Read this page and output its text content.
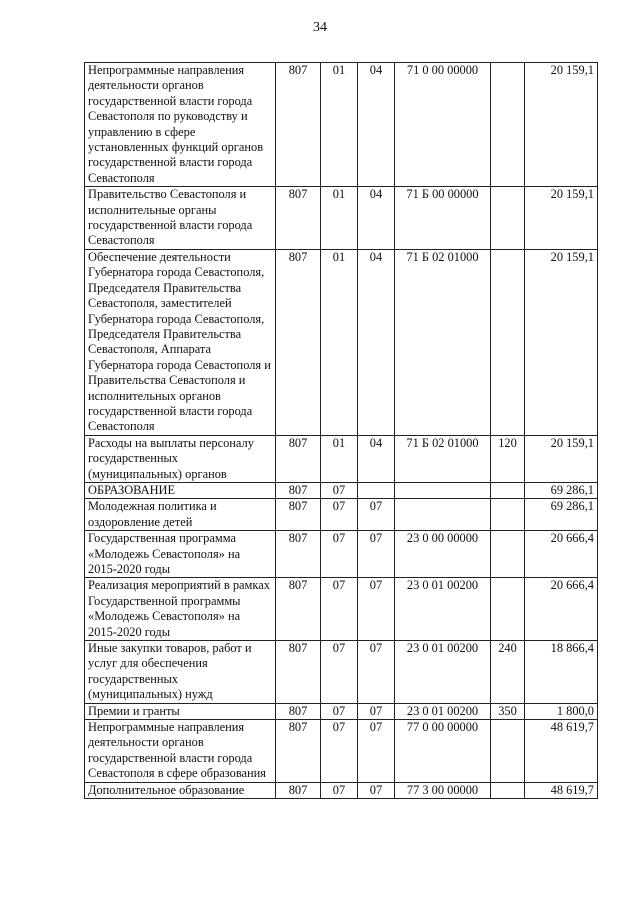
34
Непрограммные направления деятельности органов государственной власти города Севастополя по руководству и управлению в сфере установленных функций органов государственной власти города Севастополя	807	01	04	71 0 00 00000		20 159,1
Правительство Севастополя и исполнительные органы государственной власти города Севастополя	807	01	04	71 Б 00 00000		20 159,1
Обеспечение деятельности Губернатора города Севастополя, Председателя Правительства Севастополя, заместителей Губернатора города Севастополя, Председателя Правительства Севастополя, Аппарата Губернатора города Севастополя и Правительства Севастополя и исполнительных органов государственной власти города Севастополя	807	01	04	71 Б 02 01000		20 159,1
Расходы на выплаты персоналу государственных (муниципальных) органов	807	01	04	71 Б 02 01000	120	20 159,1
ОБРАЗОВАНИЕ	807	07				69 286,1
Молодежная политика и оздоровление детей	807	07	07			69 286,1
Государственная программа «Молодежь Севастополя» на 2015-2020 годы	807	07	07	23 0 00 00000		20 666,4
Реализация мероприятий в рамках Государственной программы «Молодежь Севастополя» на 2015-2020 годы	807	07	07	23 0 01 00200		20 666,4
Иные закупки товаров, работ и услуг для обеспечения государственных (муниципальных) нужд	807	07	07	23 0 01 00200	240	18 866,4
Премии и гранты	807	07	07	23 0 01 00200	350	1 800,0
Непрограммные направления деятельности органов государственной власти города Севастополя в сфере образования	807	07	07	77 0 00 00000		48 619,7
Дополнительное образование	807	07	07	77 3 00 00000		48 619,7
